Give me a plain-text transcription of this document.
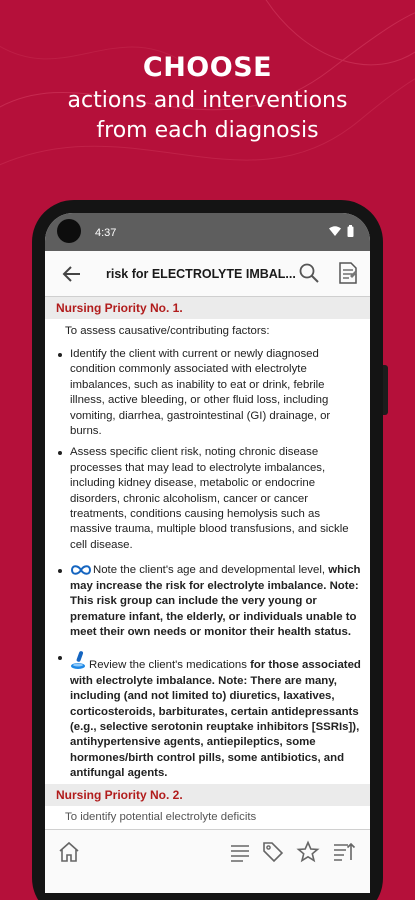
CHOOSE
actions and interventions
from each diagnosis
4:37
risk for ELECTROLYTE IMBAL...
Nursing Priority No. 1.
To assess causative/contributing factors:
Identify the client with current or newly diagnosed condition commonly associated with electrolyte imbalances, such as inability to eat or drink, febrile illness, active bleeding, or other fluid loss, including vomiting, diarrhea, gastrointestinal (GI) drainage, or burns.
Assess specific client risk, noting chronic disease processes that may lead to electrolyte imbalances, including kidney disease, metabolic or endocrine disorders, chronic alcoholism, cancer or cancer treatments, conditions causing hemolysis such as massive trauma, multiple blood transfusions, and sickle cell disease.
Note the client's age and developmental level, which may increase the risk for electrolyte imbalance. Note: This risk group can include the very young or premature infant, the elderly, or individuals unable to meet their own needs or monitor their health status.
Review the client's medications for those associated with electrolyte imbalance. Note: There are many, including (and not limited to) diuretics, laxatives, corticosteroids, barbiturates, certain antidepressants (e.g., selective serotonin reuptake inhibitors [SSRIs]), antihypertensive agents, antiepileptics, some hormones/birth control pills, some antibiotics, and antifungal agents.
Nursing Priority No. 2.
To identify potential electrolyte deficits
